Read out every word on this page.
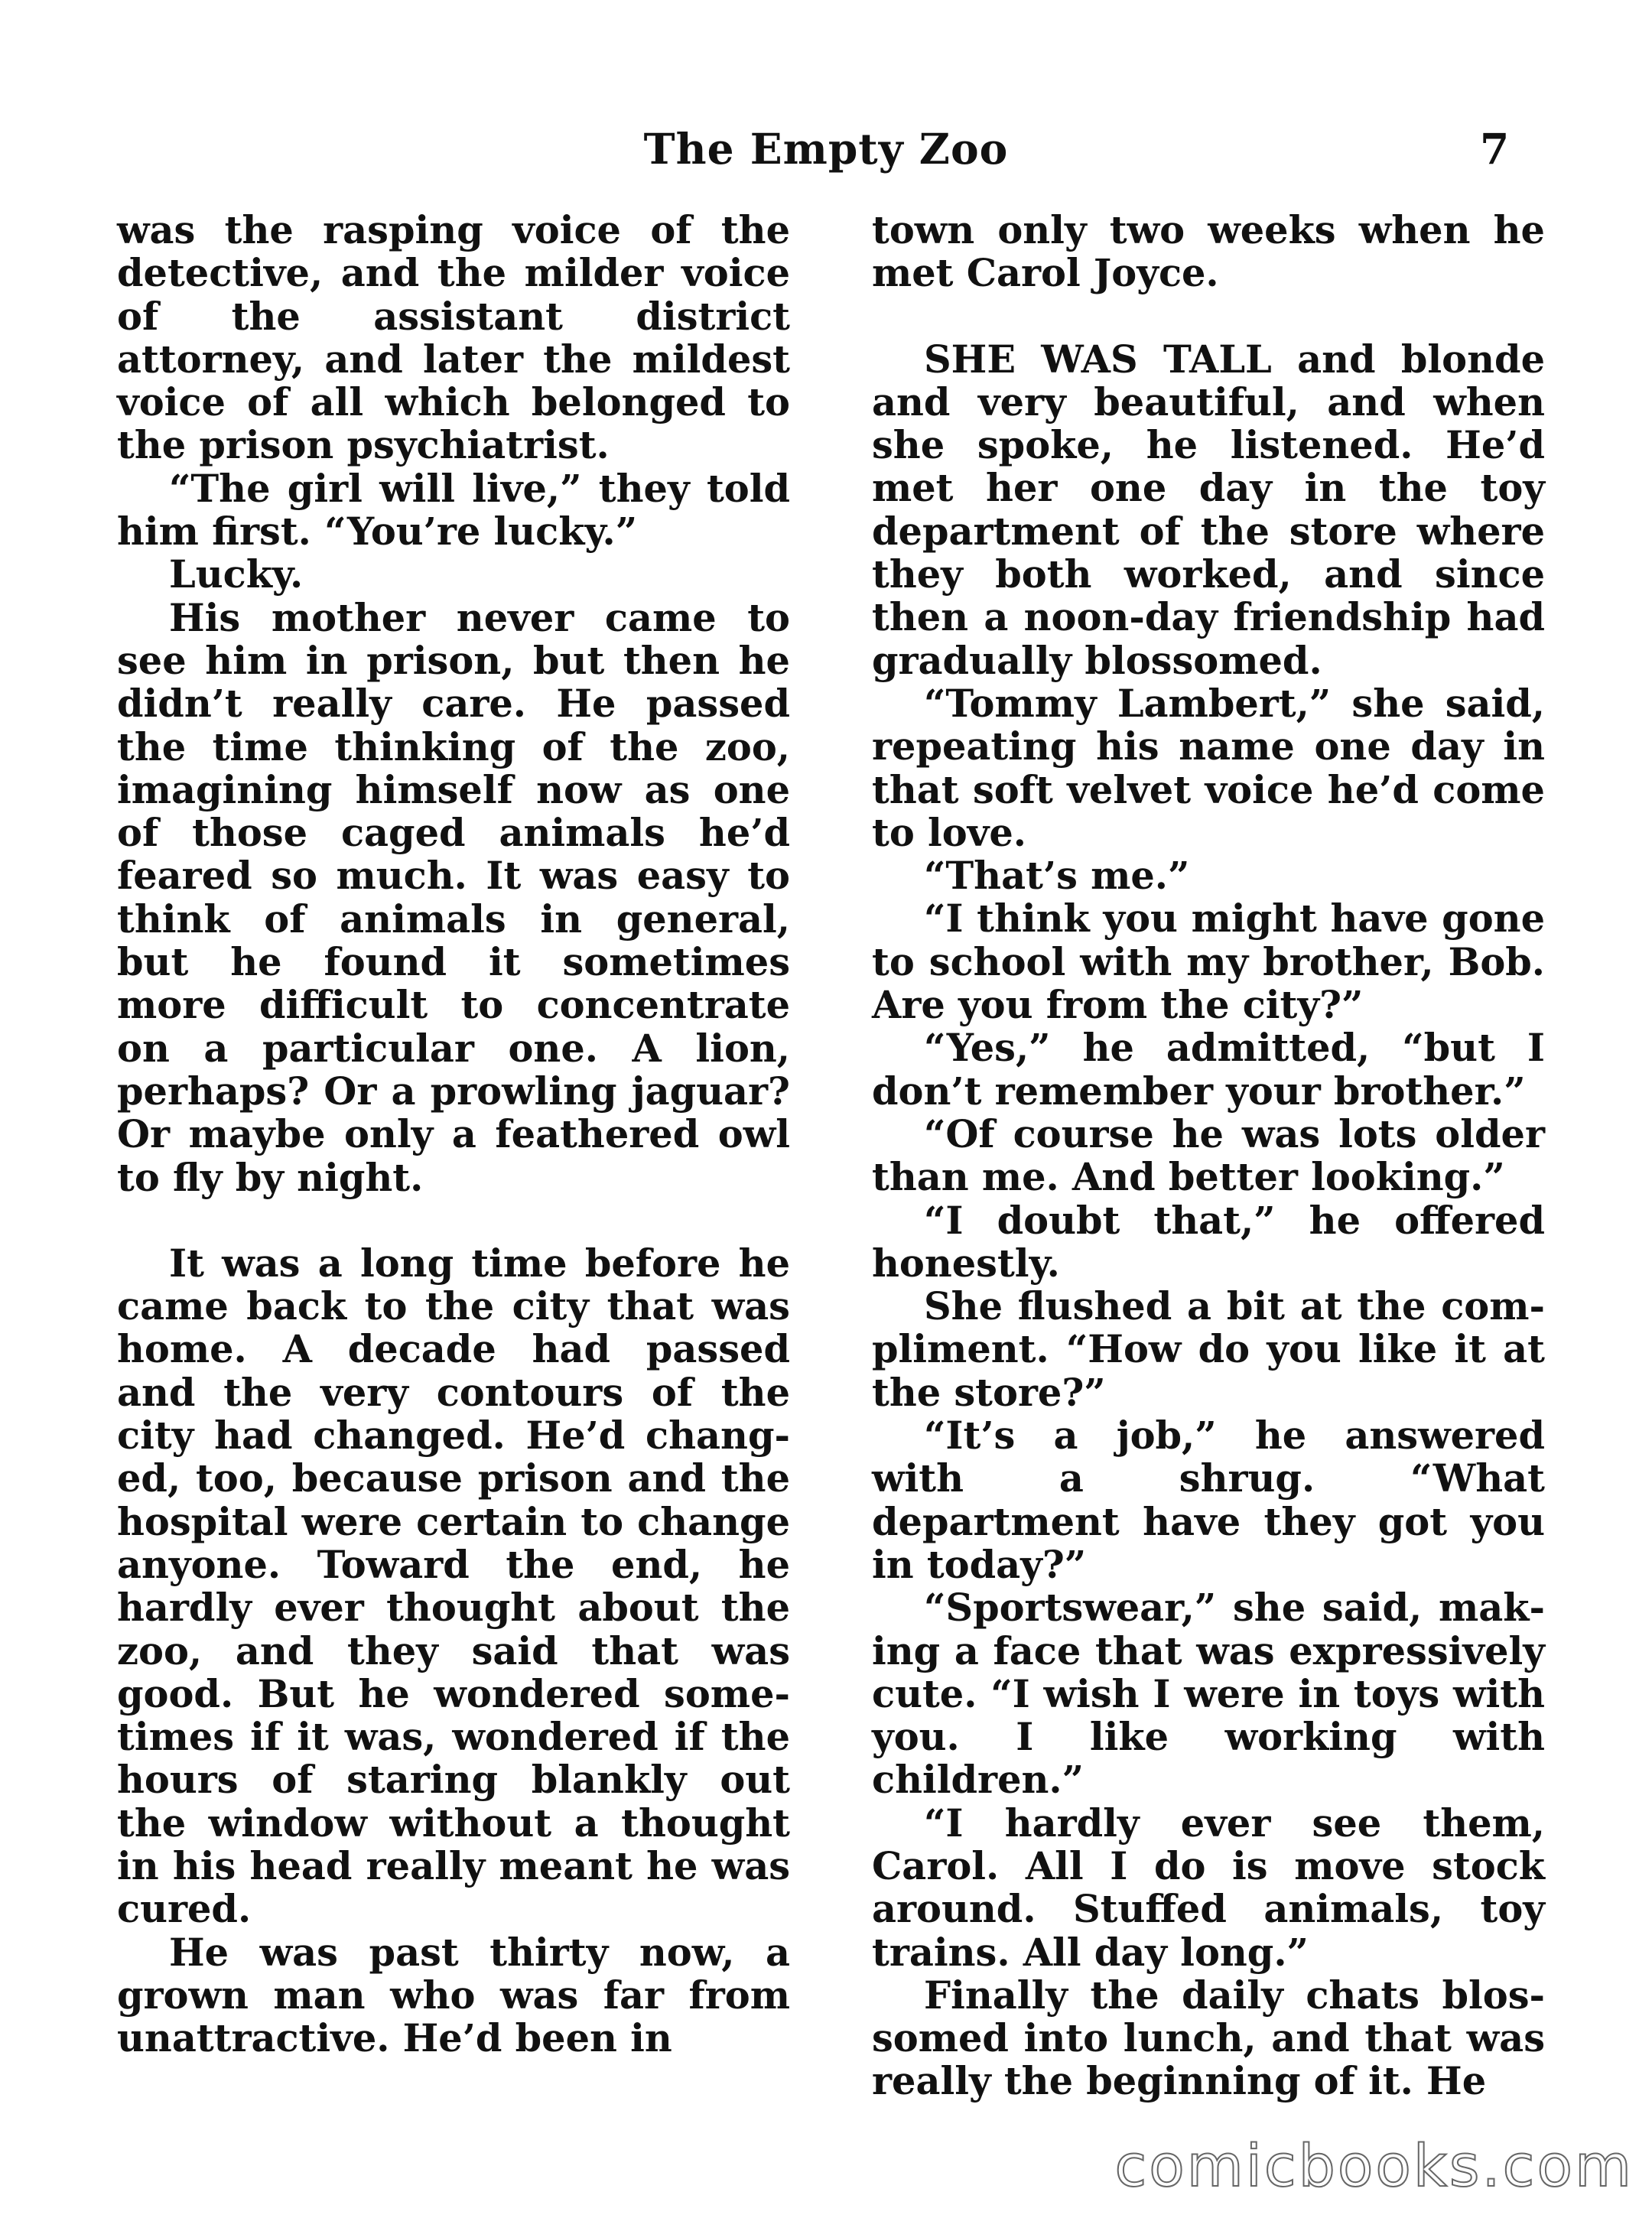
The Empty Zoo	7

was the rasping voice of the detective, and the milder voice of the assistant district attorney, and later the mildest voice of all which belonged to the prison psychiatrist.

“The girl will live,” they told him first. “You’re lucky.”

Lucky.

His mother never came to see him in prison, but then he didn’t really care. He passed the time thinking of the zoo, imagining himself now as one of those caged animals he’d feared so much. It was easy to think of animals in general, but he found it sometimes more difficult to concentrate on a particular one. A lion, perhaps? Or a prowling jaguar? Or maybe only a feathered owl to fly by night.

It was a long time before he came back to the city that was home. A decade had passed and the very contours of the city had changed. He’d changed, too, because prison and the hospital were certain to change anyone. Toward the end, he hardly ever thought about the zoo, and they said that was good. But he wondered sometimes if it was, wondered if the hours of staring blankly out the window without a thought in his head really meant he was cured.

He was past thirty now, a grown man who was far from unattractive. He’d been in

town only two weeks when he met Carol Joyce.

SHE WAS TALL and blonde and very beautiful, and when she spoke, he listened. He’d met her one day in the toy department of the store where they both worked, and since then a noon-day friendship had gradually blossomed.

“Tommy Lambert,” she said, repeating his name one day in that soft velvet voice he’d come to love.

“That’s me.”

“I think you might have gone to school with my brother, Bob. Are you from the city?”

“Yes,” he admitted, “but I don’t remember your brother.”

“Of course he was lots older than me. And better looking.”

“I doubt that,” he offered honestly.

She flushed a bit at the compliment. “How do you like it at the store?”

“It’s a job,” he answered with a shrug. “What department have they got you in today?”

“Sportswear,” she said, making a face that was expressively cute. “I wish I were in toys with you. I like working with children.”

“I hardly ever see them, Carol. All I do is move stock around. Stuffed animals, toy trains. All day long.”

Finally the daily chats blossomed into lunch, and that was really the beginning of it. He

comicbooks.com
